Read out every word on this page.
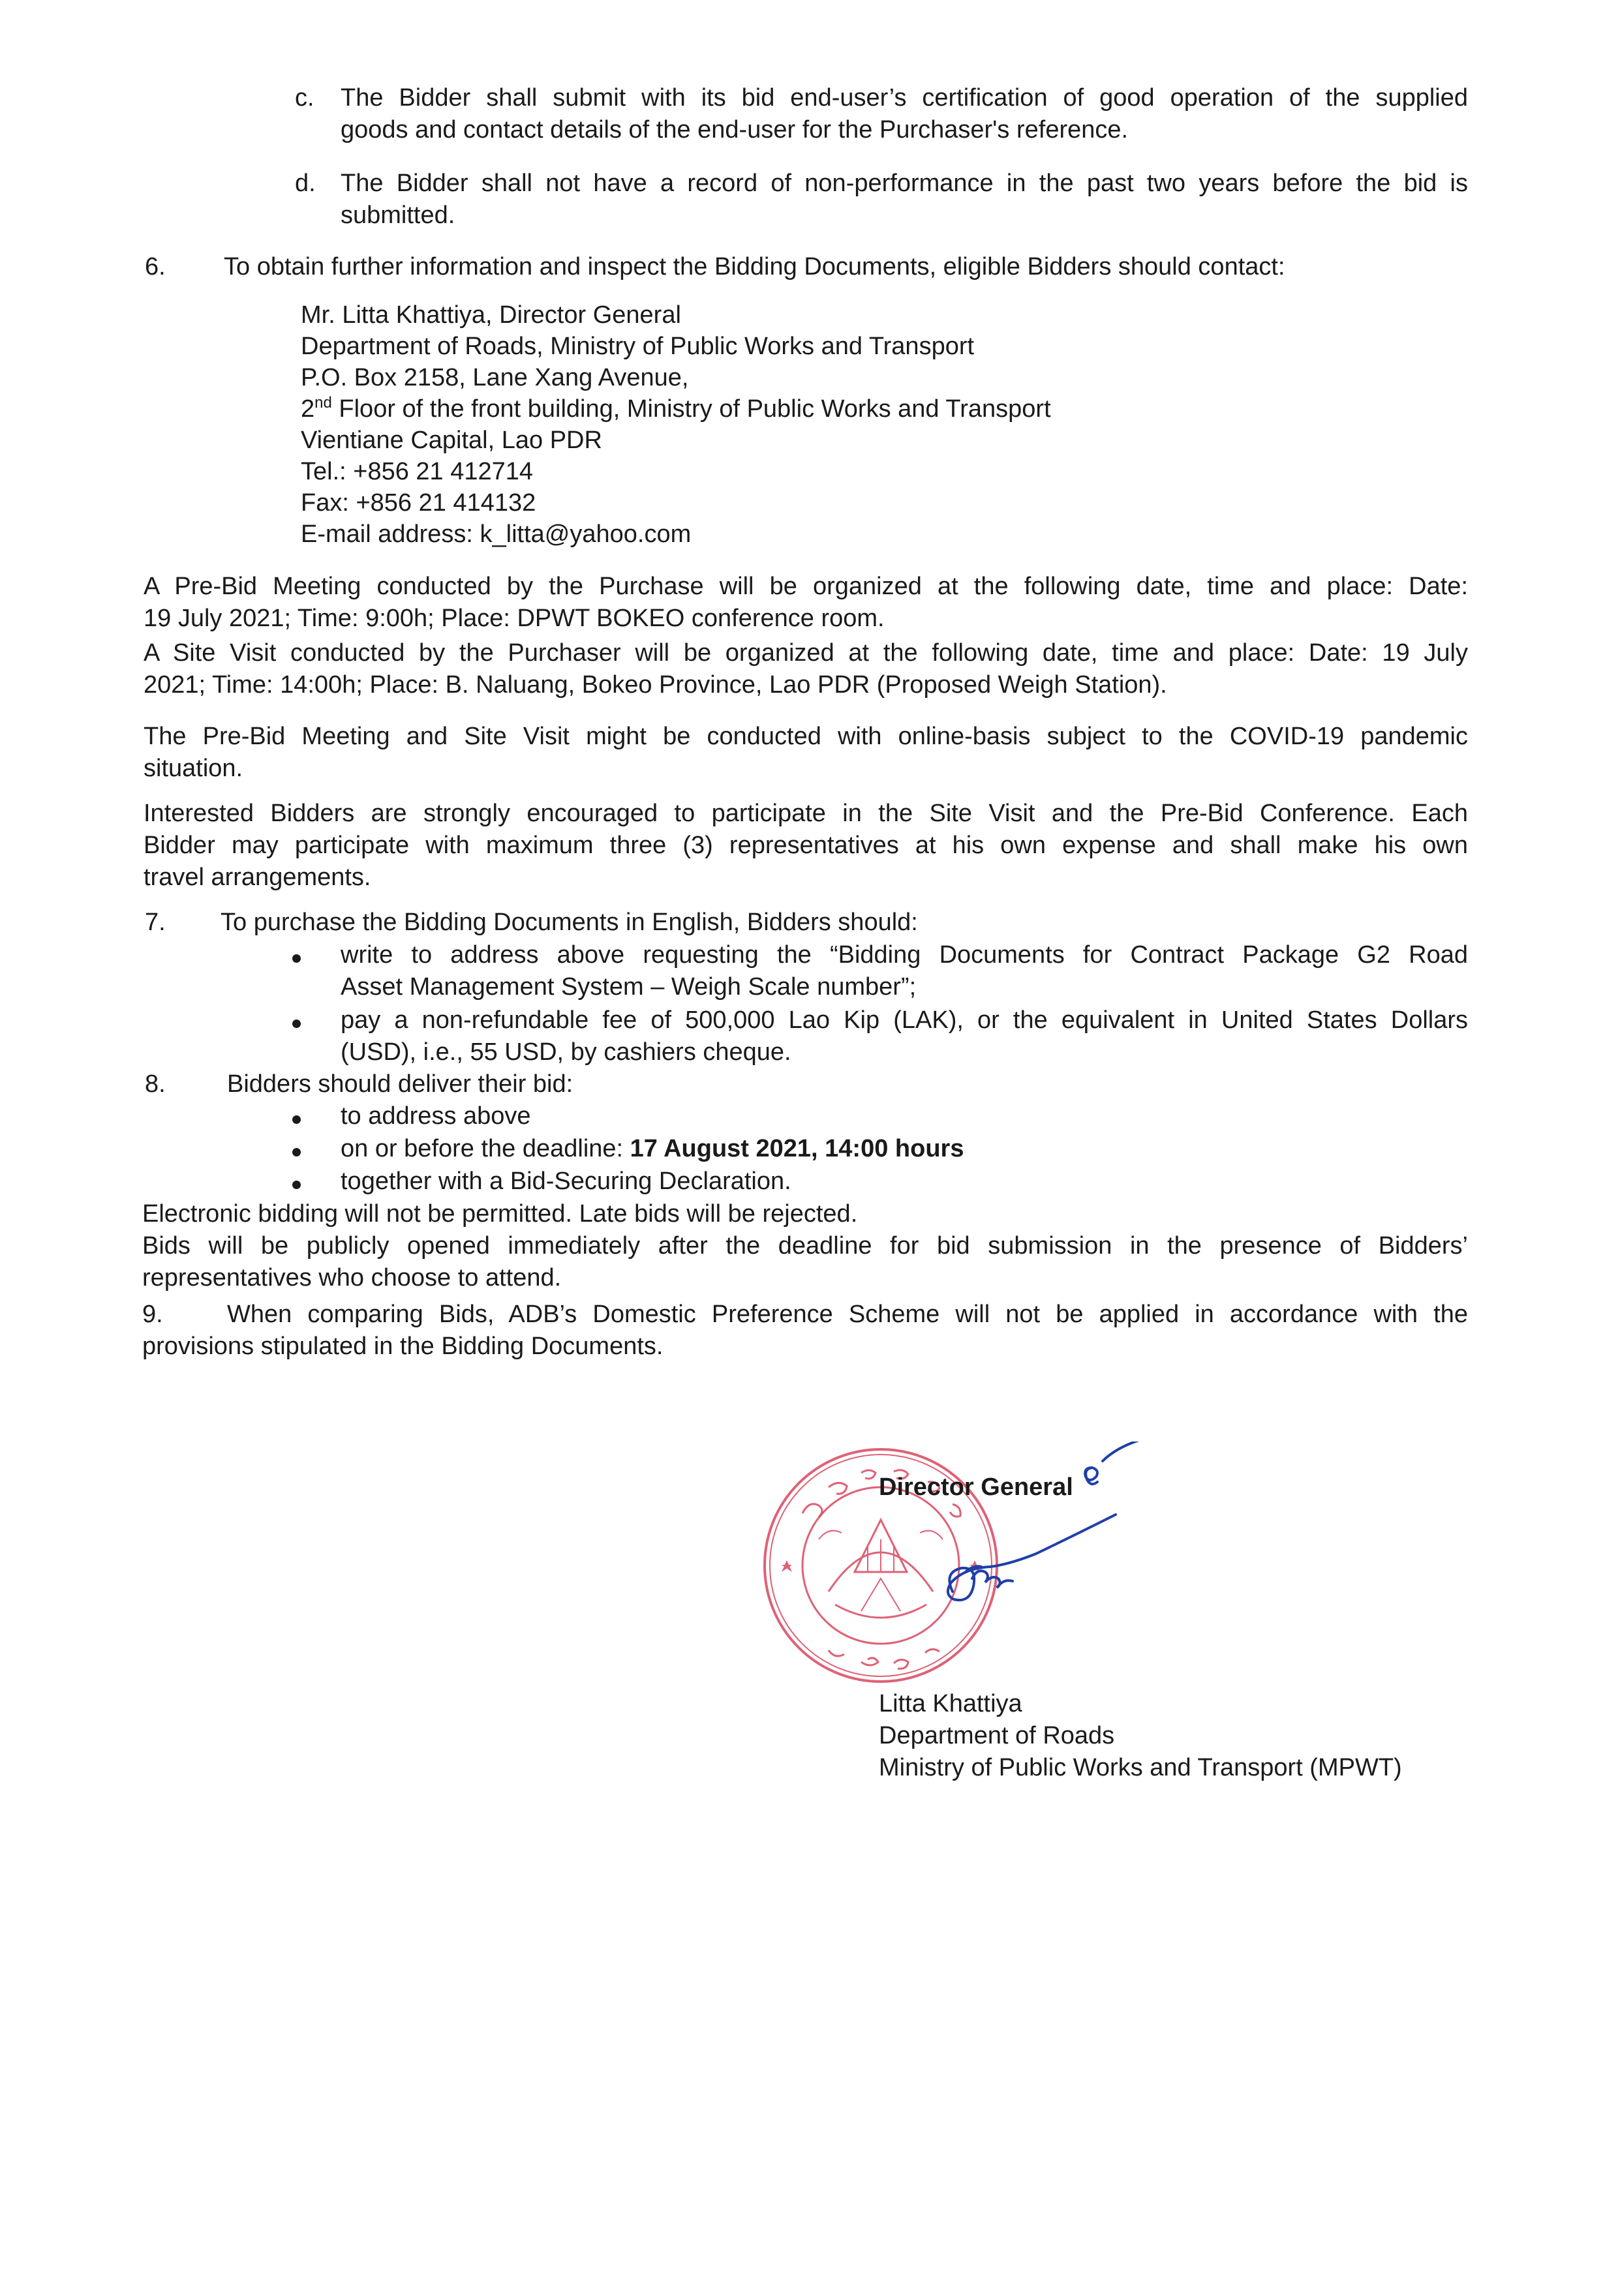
c. The Bidder shall submit with its bid end-user’s certification of good operation of the supplied
goods and contact details of the end-user for the Purchaser's reference.
d. The Bidder shall not have a record of non-performance in the past two years before the bid is
submitted.
6. To obtain further information and inspect the Bidding Documents, eligible Bidders should contact:
Mr. Litta Khattiya, Director General
Department of Roads, Ministry of Public Works and Transport
P.O. Box 2158, Lane Xang Avenue,
2nd Floor of the front building, Ministry of Public Works and Transport
Vientiane Capital, Lao PDR
Tel.: +856 21 412714
Fax: +856 21 414132
E-mail address: k_litta@yahoo.com
A Pre-Bid Meeting conducted by the Purchase will be organized at the following date, time and place: Date:
19 July 2021; Time: 9:00h; Place: DPWT BOKEO conference room.
A Site Visit conducted by the Purchaser will be organized at the following date, time and place: Date: 19 July
2021; Time: 14:00h; Place: B. Naluang, Bokeo Province, Lao PDR (Proposed Weigh Station).
The Pre-Bid Meeting and Site Visit might be conducted with online-basis subject to the COVID-19 pandemic
situation.
Interested Bidders are strongly encouraged to participate in the Site Visit and the Pre-Bid Conference. Each
Bidder may participate with maximum three (3) representatives at his own expense and shall make his own
travel arrangements.
7. To purchase the Bidding Documents in English, Bidders should:
write to address above requesting the “Bidding Documents for Contract Package G2 Road
Asset Management System – Weigh Scale number”;
pay a non-refundable fee of 500,000 Lao Kip (LAK), or the equivalent in United States Dollars
(USD), i.e., 55 USD, by cashiers cheque.
8. Bidders should deliver their bid:
to address above
on or before the deadline: 17 August 2021, 14:00 hours
together with a Bid-Securing Declaration.
Electronic bidding will not be permitted. Late bids will be rejected.
Bids will be publicly opened immediately after the deadline for bid submission in the presence of Bidders’
representatives who choose to attend.
9.	When comparing Bids, ADB’s Domestic Preference Scheme will not be applied in accordance with the
provisions stipulated in the Bidding Documents.
Director General
Litta Khattiya
Department of Roads
Ministry of Public Works and Transport (MPWT)
